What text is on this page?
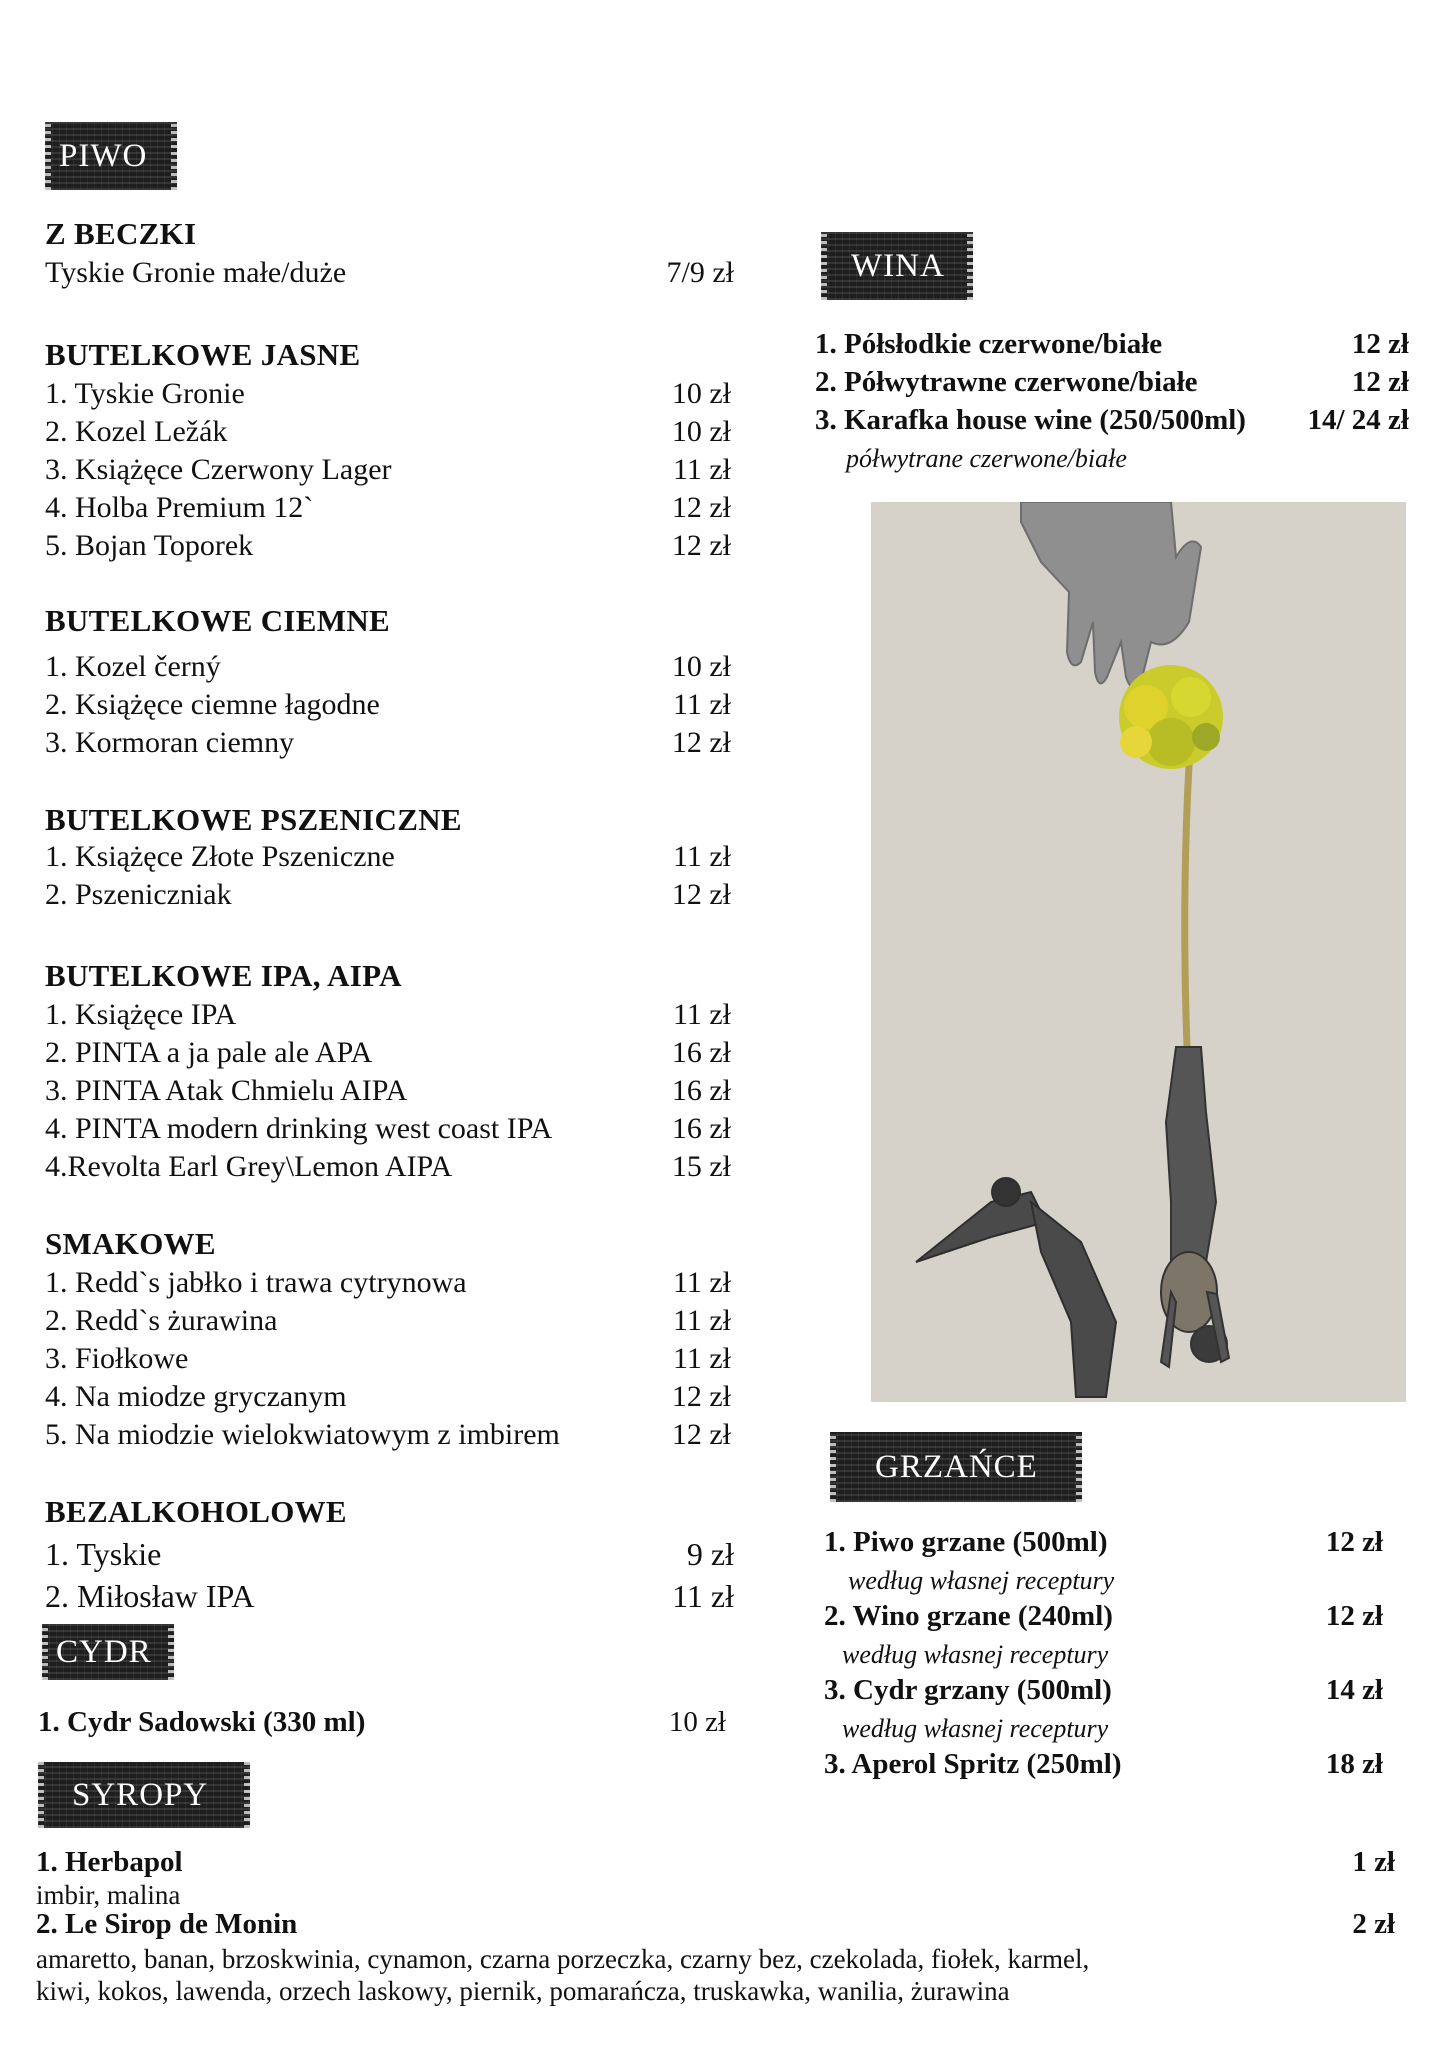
PIWO
Z BECZKI
Tyskie Gronie małe/duże	7/9 zł
BUTELKOWE JASNE
1. Tyskie Gronie	10 zł
2. Kozel Ležák	10 zł
3. Książęce Czerwony Lager	11 zł
4. Holba Premium 12`	12 zł
5. Bojan Toporek	12 zł
BUTELKOWE CIEMNE
1. Kozel černý	10 zł
2. Książęce ciemne łagodne	11 zł
3. Kormoran ciemny	12 zł
BUTELKOWE PSZENICZNE
1. Książęce Złote Pszeniczne	11 zł
2. Pszeniczniak	12 zł
BUTELKOWE IPA, AIPA
1. Książęce IPA	11 zł
2. PINTA a ja pale ale APA	16 zł
3. PINTA Atak Chmielu AIPA	16 zł
4. PINTA modern drinking west coast IPA	16 zł
4.Revolta Earl Grey\Lemon AIPA	15 zł
SMAKOWE
1. Redd`s jabłko i trawa cytrynowa	11 zł
2. Redd`s żurawina	11 zł
3. Fiołkowe	11 zł
4. Na miodze gryczanym	12 zł
5. Na miodzie wielokwiatowym z imbirem	12 zł
BEZALKOHOLOWE
1. Tyskie	9 zł
2. Miłosław IPA	11 zł
CYDR
1. Cydr Sadowski (330 ml)	10 zł
SYROPY
1. Herbapol	1 zł
imbir, malina
2. Le Sirop de Monin	2 zł
amaretto, banan, brzoskwinia, cynamon, czarna porzeczka, czarny bez, czekolada, fiołek, karmel,
kiwi, kokos, lawenda, orzech laskowy, piernik, pomarańcza, truskawka, wanilia, żurawina
WINA
1. Półsłodkie czerwone/białe	12 zł
2. Półwytrawne czerwone/białe	12 zł
3. Karafka house wine (250/500ml) 14/ 24 zł
półwytrane czerwone/białe
GRZAŃCE
1. Piwo grzane (500ml)	12 zł
według własnej receptury
2. Wino grzane (240ml)	12 zł
według własnej receptury
3. Cydr grzany (500ml)	14 zł
według własnej receptury
3. Aperol Spritz (250ml)	18 zł
